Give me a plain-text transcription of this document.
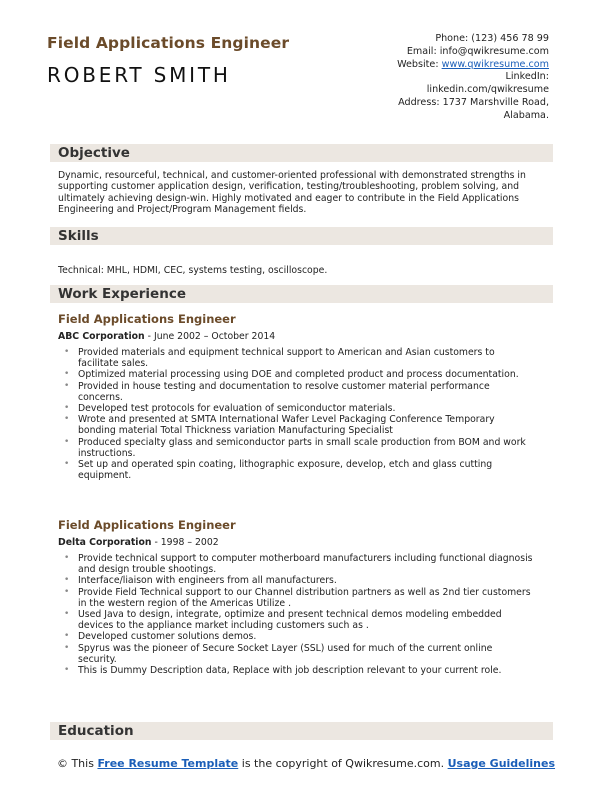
Field Applications Engineer
ROBERT SMITH
Phone: (123) 456 78 99
Email: info@qwikresume.com
Website: www.qwikresume.com
LinkedIn:
linkedin.com/qwikresume
Address: 1737 Marshville Road,
Alabama.
Objective
Dynamic, resourceful, technical, and customer-oriented professional with demonstrated strengths in supporting customer application design, verification, testing/troubleshooting, problem solving, and ultimately achieving design-win. Highly motivated and eager to contribute in the Field Applications Engineering and Project/Program Management fields.
Skills
Technical: MHL, HDMI, CEC, systems testing, oscilloscope.
Work Experience
Field Applications Engineer
ABC Corporation - June 2002 – October 2014
• Provided materials and equipment technical support to American and Asian customers to facilitate sales.
• Optimized material processing using DOE and completed product and process documentation.
• Provided in house testing and documentation to resolve customer material performance concerns.
• Developed test protocols for evaluation of semiconductor materials.
• Wrote and presented at SMTA International Wafer Level Packaging Conference Temporary bonding material Total Thickness variation Manufacturing Specialist
• Produced specialty glass and semiconductor parts in small scale production from BOM and work instructions.
• Set up and operated spin coating, lithographic exposure, develop, etch and glass cutting equipment.
Field Applications Engineer
Delta Corporation - 1998 – 2002
• Provide technical support to computer motherboard manufacturers including functional diagnosis and design trouble shootings.
• Interface/liaison with engineers from all manufacturers.
• Provide Field Technical support to our Channel distribution partners as well as 2nd tier customers in the western region of the Americas Utilize .
• Used Java to design, integrate, optimize and present technical demos modeling embedded devices to the appliance market including customers such as .
• Developed customer solutions demos.
• Spyrus was the pioneer of Secure Socket Layer (SSL) used for much of the current online security.
• This is Dummy Description data, Replace with job description relevant to your current role.
Education
© This Free Resume Template is the copyright of Qwikresume.com. Usage Guidelines
